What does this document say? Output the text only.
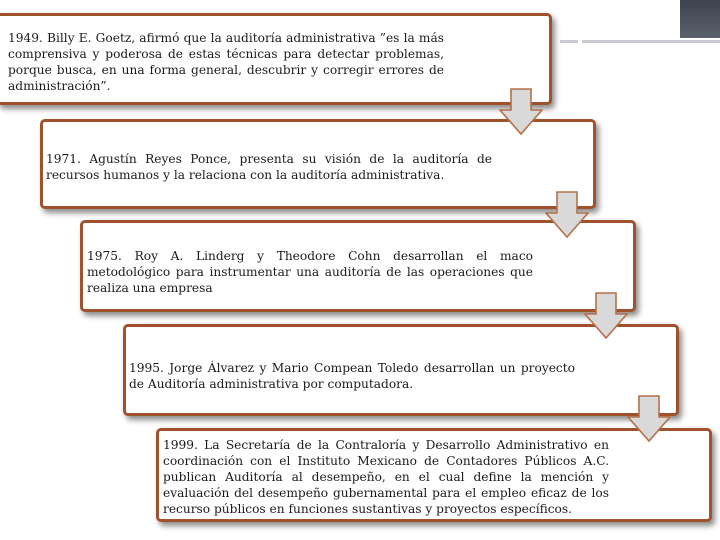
1949. Billy E. Goetz, afirmó que la auditoría administrativa ”es la más comprensiva y poderosa de estas técnicas para detectar problemas, porque busca, en una forma general, descubrir y corregir errores de administración”.

1971. Agustín Reyes Ponce, presenta su visión de la auditoría de recursos humanos y la relaciona con la auditoría administrativa.

1975. Roy A. Linderg y Theodore Cohn desarrollan el maco metodológico para instrumentar una auditoría de las operaciones que realiza una empresa

1995. Jorge Álvarez y Mario Compean Toledo desarrollan un proyecto de Auditoría administrativa por computadora.

1999. La Secretaría de la Contraloría y Desarrollo Administrativo en coordinación con el Instituto Mexicano de Contadores Públicos A.C. publican Auditoría al desempeño, en el cual define la mención y evaluación del desempeño gubernamental para el empleo eficaz de los recurso públicos en funciones sustantivas y proyectos específicos.
